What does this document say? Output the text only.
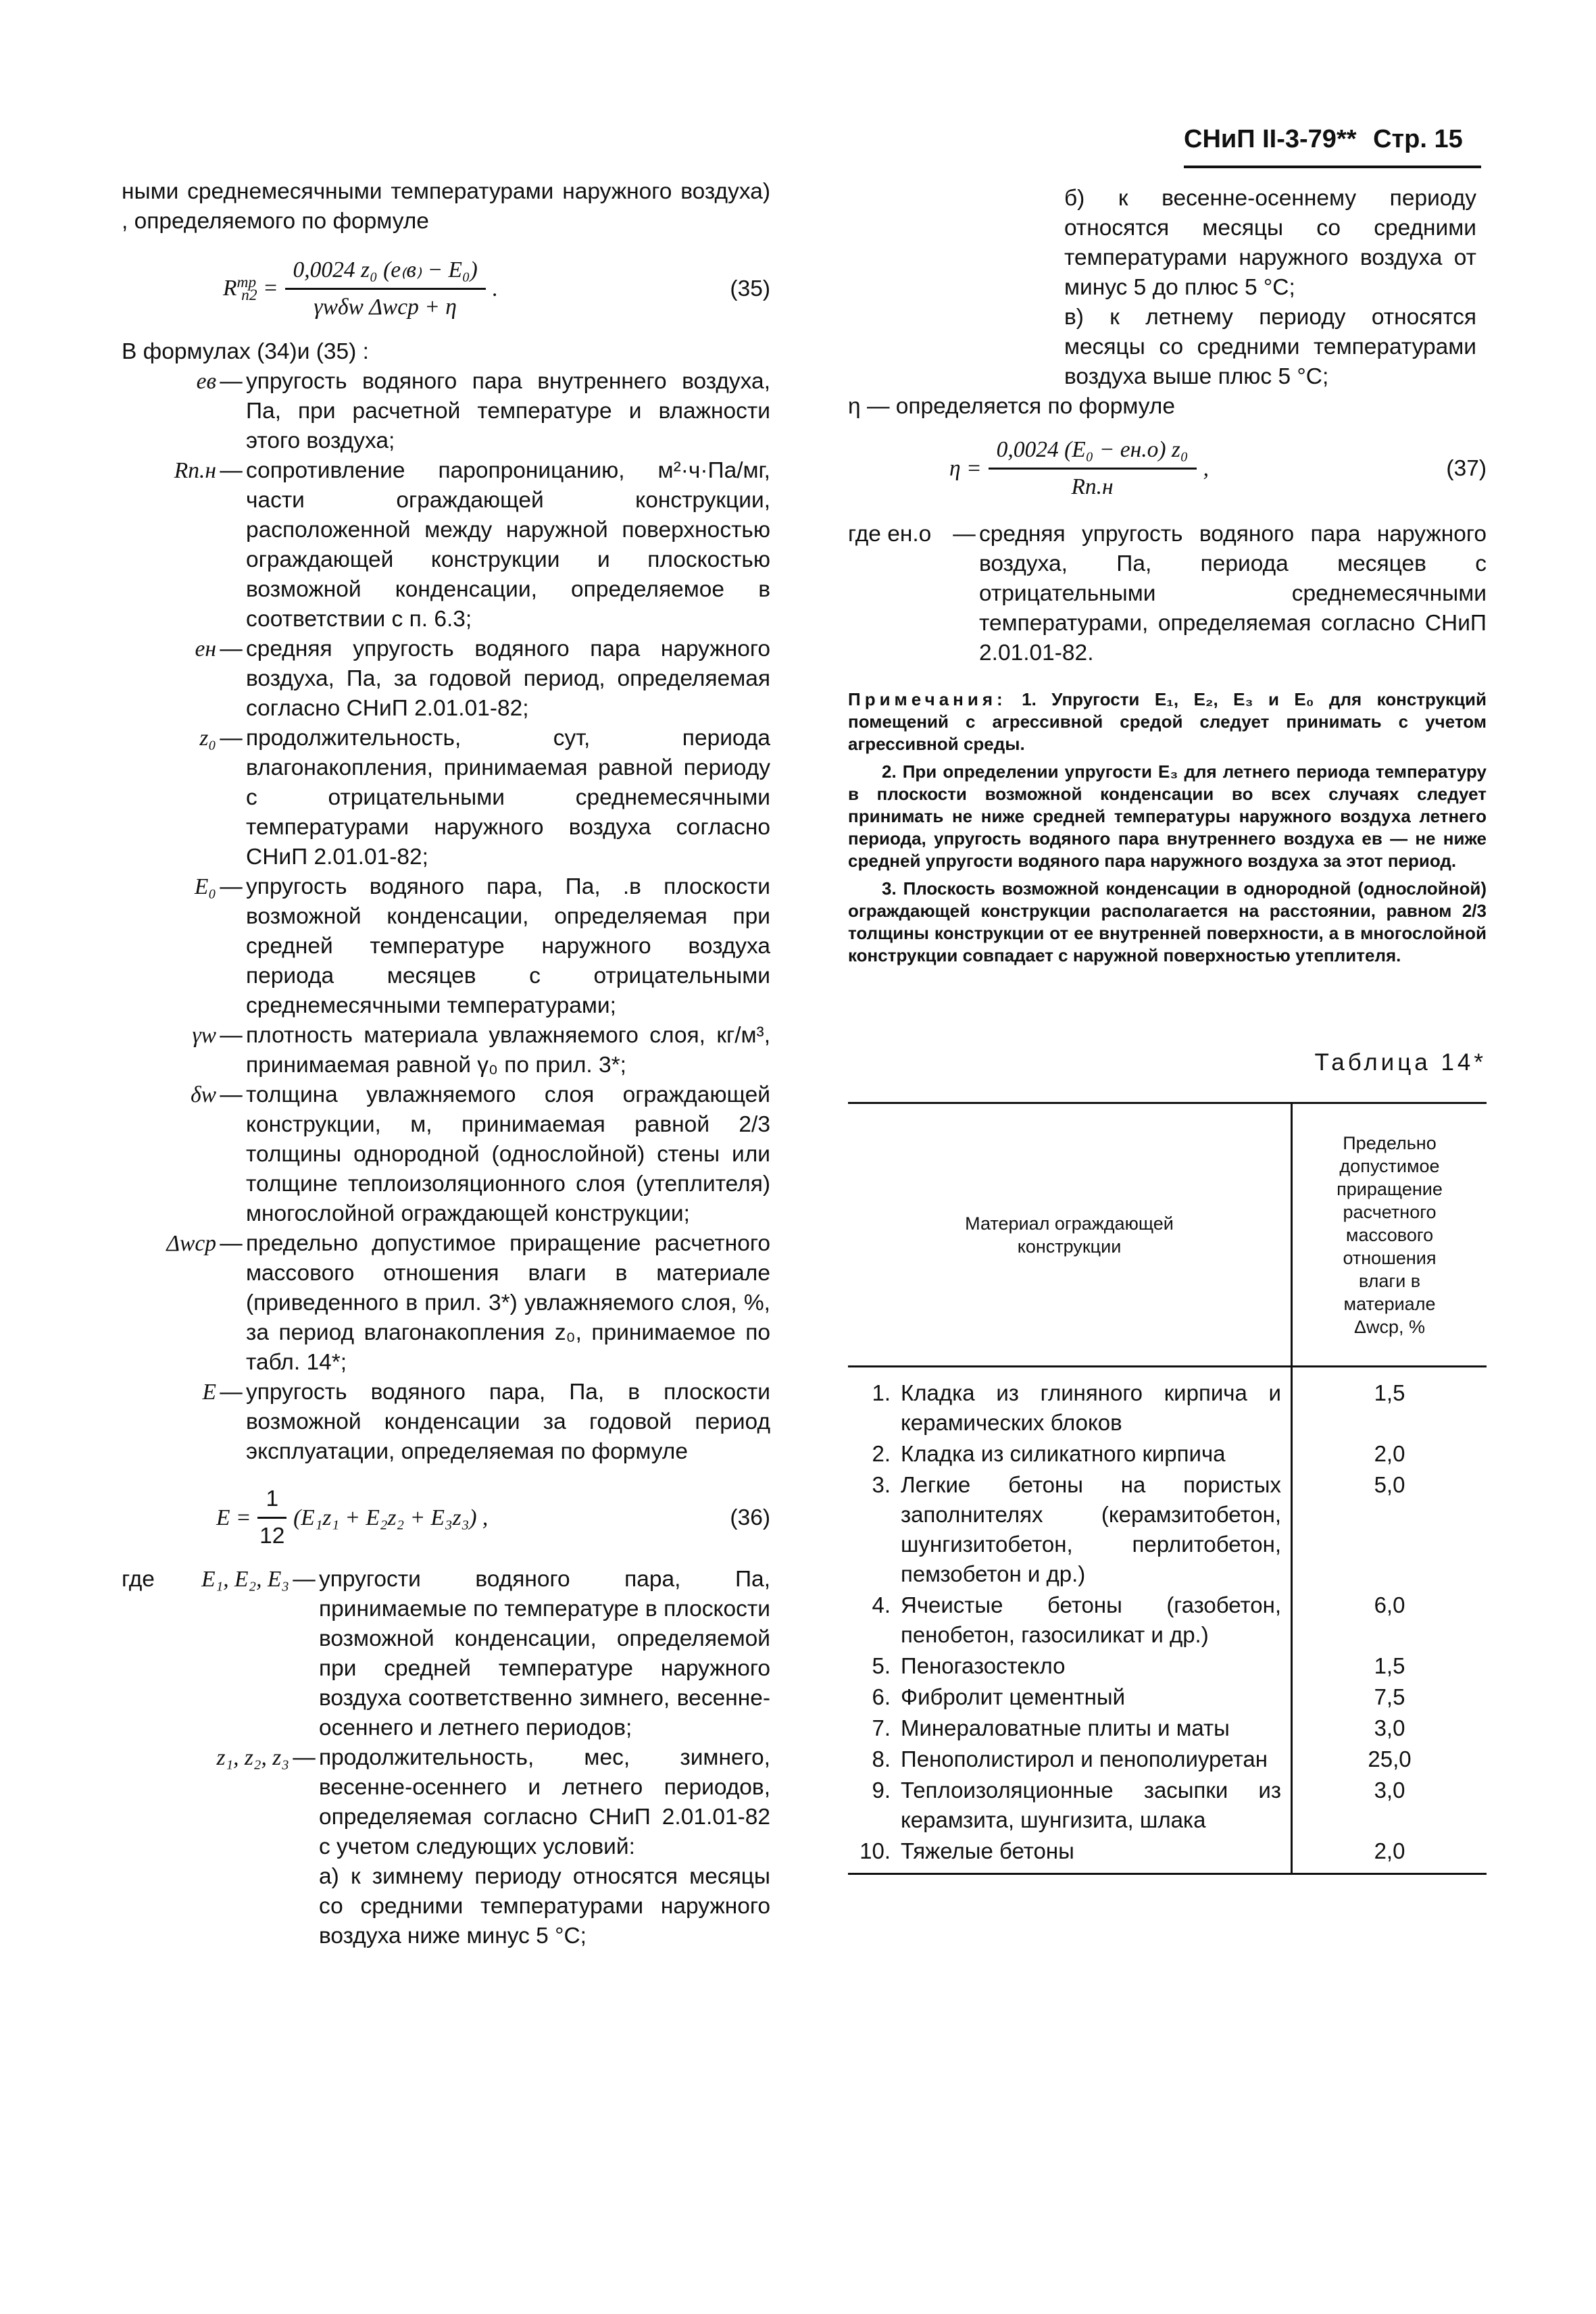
СНиП II-3-79** Стр. 15

ными среднемесячными температурами наружного воздуха) , определяемого по формуле

$R^{тр}_{п2} = \frac{\text{0,0024 z₀ (e₍в₎ − E₀)}}{\text{γwδw Δwср + η}}$ .	(35)

В формулах (34)и (35) :

eв — упругость водяного пара внутреннего воздуха, Па, при расчетной температуре и влажности этого воздуха;
Rп.н — сопротивление паропроницанию, м²·ч·Па/мг, части ограждающей конструкции, расположенной между наружной поверхностью ограждающей конструкции и плоскостью возможной конденсации, определяемое в соответствии с п. 6.3;
eн — средняя упругость водяного пара наружного воздуха, Па, за годовой период, определяемая согласно СНиП 2.01.01-82;
z₀ — продолжительность, сут, периода влагонакопления, принимаемая равной периоду с отрицательными среднемесячными температурами наружного воздуха согласно СНиП 2.01.01-82;
E₀ — упругость водяного пара, Па, .в плоскости возможной конденсации, определяемая при средней температуре наружного воздуха периода месяцев с отрицательными среднемесячными температурами;
γw — плотность материала увлажняемого слоя, кг/м³, принимаемая равной γ₀ по прил. 3*;
δw — толщина увлажняемого слоя ограждающей конструкции, м, принимаемая равной 2/3 толщины однородной (однослойной) стены или толщине теплоизоляционного слоя (утеплителя) многослойной ограждающей конструкции;
Δwср — предельно допустимое приращение расчетного массового отношения влаги в материале (приведенного в прил. 3*) увлажняемого слоя, %, за период влагонакопления z₀, принимаемое по табл. 14*;
E — упругость водяного пара, Па, в плоскости возможной конденсации за годовой период эксплуатации, определяемая по формуле
$E = \frac{1}{12} (E_1z_1 + E_2z_2 + E_3z_3)$ ,	(36)
где	E₁, E₂, E₃ — упругости водяного пара, Па, принимаемые по температуре в плоскости возможной конденсации, определяемой при средней температуре наружного воздуха соответственно зимнего, весенне-осеннего и летнего периодов;
z₁, z₂, z₃ — продолжительность, мес, зимнего, весенне-осеннего и летнего периодов, определяемая согласно СНиП 2.01.01-82 с учетом следующих условий:

а) к зимнему периоду относятся месяцы со средними температурами наружного воздуха ниже минус 5 °С;

б) к весенне-осеннему периоду относятся месяцы со средними температурами наружного воздуха от минус 5 до плюс 5 °С;

в) к летнему периоду относятся месяцы со средними температурами воздуха выше плюс 5 °С;

η — определяется по формуле

$\eta = \frac{\text{0,0024 (E₀ − eн.о) z₀}}{Rп.н}$ ,	(37)
где eн.о — средняя упругость водяного пара наружного воздуха, Па, периода месяцев с отрицательными среднемесячными температурами, определяемая согласно СНиП 2.01.01-82.

Примечания: 1. Упругости E₁, E₂, E₃ и E₀ для конструкций помещений с агрессивной средой следует принимать с учетом агрессивной среды.

2. При определении упругости E₃ для летнего периода температуру в плоскости возможной конденсации во всех случаях следует принимать не ниже средней температуры наружного воздуха летнего периода, упругость водяного пара внутреннего воздуха eв — не ниже средней упругости водяного пара наружного воздуха за этот период.

3. Плоскость возможной конденсации в однородной (однослойной) ограждающей конструкции располагается на расстоянии, равном 2/3 толщины конструкции от ее внутренней поверхности, а в многослойной конструкции совпадает с наружной поверхностью утеплителя.

Таблица 14*
Материал ограждающей конструкции		Предельно допустимое приращение расчетного массового отношения влаги в материале Δwср, %
1.	Кладка из глиняного кирпича и керамических блоков	1,5
2.	Кладка из силикатного кирпича	2,0
3.	Легкие бетоны на пористых заполнителях (керамзитобетон, шунгизитобетон, перлитобетон, пемзобетон и др.)	5,0
4.	Ячеистые бетоны (газобетон, пенобетон, газосиликат и др.)	6,0
5.	Пеногазостекло	1,5
6.	Фибролит цементный	7,5
7.	Минераловатные плиты и маты	3,0
8.	Пенополистирол и пенополиуретан	25,0
9.	Теплоизоляционные засыпки из керамзита, шунгизита, шлака	3,0
10.	Тяжелые бетоны	2,0
